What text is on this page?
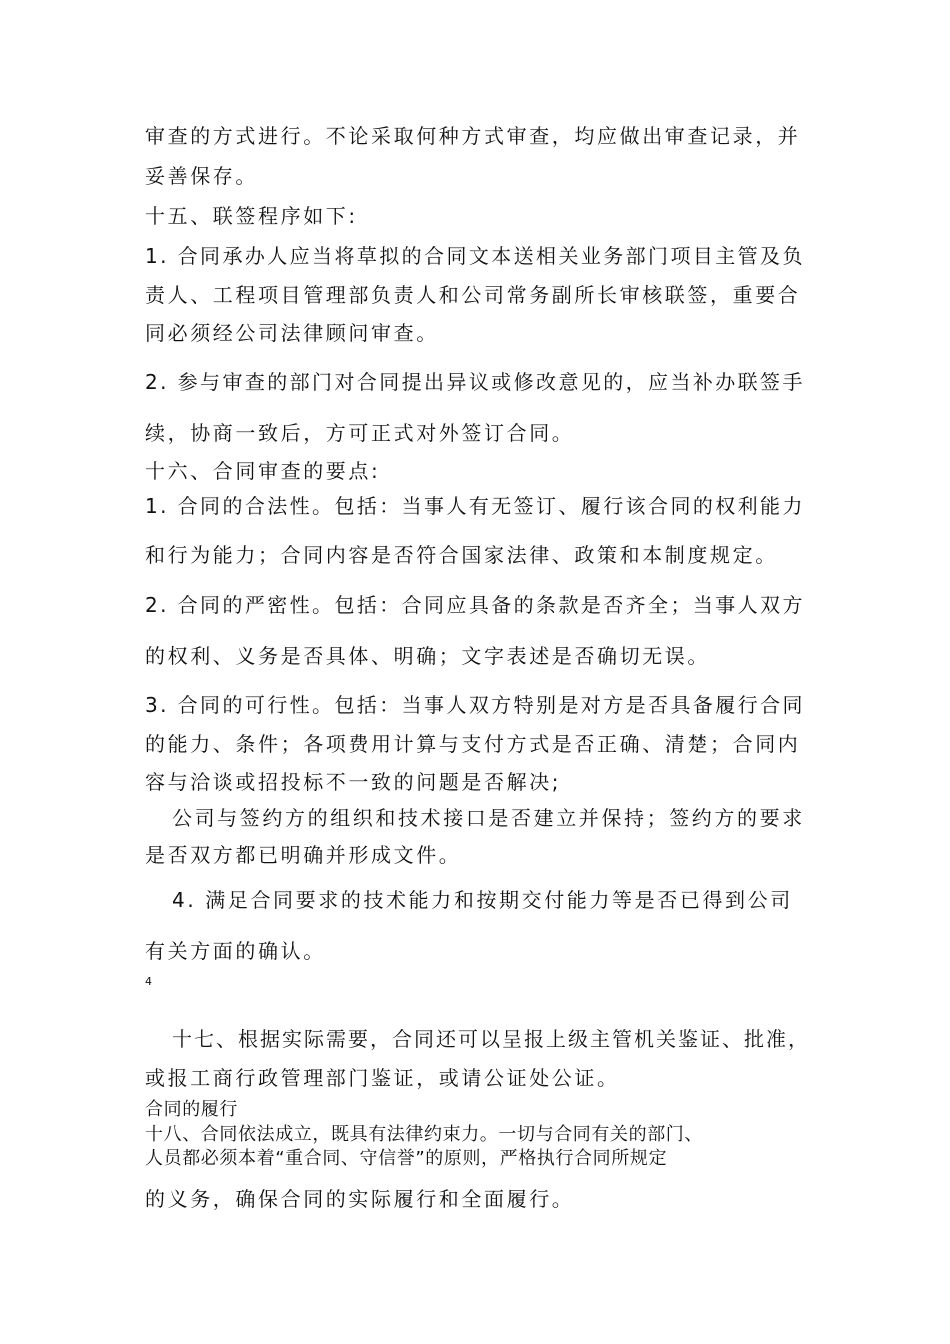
审查的方式进行。不论采取何种方式审查，均应做出审查记录，并
妥善保存。
十五、联签程序如下:
1. 合同承办人应当将草拟的合同文本送相关业务部门项目主管及负
责人、工程项目管理部负责人和公司常务副所长审核联签，重要合
同必须经公司法律顾问审查。
2. 参与审查的部门对合同提出异议或修改意见的，应当补办联签手
续，协商一致后，方可正式对外签订合同。
十六、合同审查的要点:
1. 合同的合法性。包括：当事人有无签订、履行该合同的权利能力
和行为能力；合同内容是否符合国家法律、政策和本制度规定。
2. 合同的严密性。包括：合同应具备的条款是否齐全；当事人双方
的权利、义务是否具体、明确；文字表述是否确切无误。
3. 合同的可行性。包括：当事人双方特别是对方是否具备履行合同
的能力、条件；各项费用计算与支付方式是否正确、清楚；合同内
容与洽谈或招投标不一致的问题是否解决;
公司与签约方的组织和技术接口是否建立并保持；签约方的要求
是否双方都已明确并形成文件。
4. 满足合同要求的技术能力和按期交付能力等是否已得到公司
有关方面的确认。
4
十七、根据实际需要，合同还可以呈报上级主管机关鉴证、批准，
或报工商行政管理部门鉴证，或请公证处公证。
合同的履行
十八、合同依法成立，既具有法律约束力。一切与合同有关的部门、
人员都必须本着“重合同、守信誉”的原则，严格执行合同所规定
的义务，确保合同的实际履行和全面履行。
